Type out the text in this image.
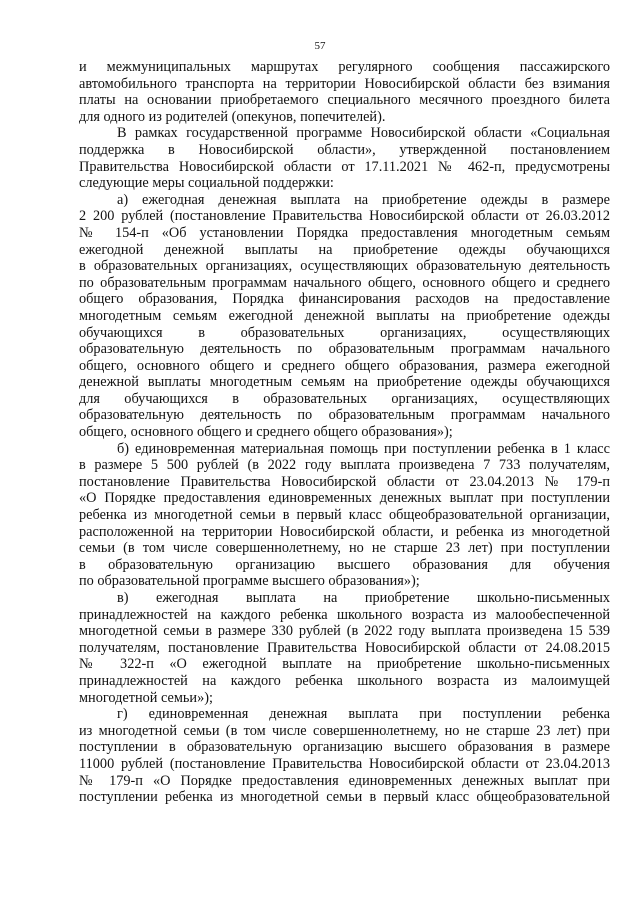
57
и межмуниципальных маршрутах регулярного сообщения пассажирского
автомобильного транспорта на территории Новосибирской области без взимания
платы на основании приобретаемого специального месячного проездного билета
для одного из родителей (опекунов, попечителей).
В рамках государственной программе Новосибирской области «Социальная
поддержка в Новосибирской области», утвержденной постановлением
Правительства Новосибирской области от 17.11.2021 № 462-п, предусмотрены
следующие меры социальной поддержки:
а) ежегодная денежная выплата на приобретение одежды в размере
2 200 рублей (постановление Правительства Новосибирской области от 26.03.2012
№ 154-п «Об установлении Порядка предоставления многодетным семьям
ежегодной денежной выплаты на приобретение одежды обучающихся
в образовательных организациях, осуществляющих образовательную деятельность
по образовательным программам начального общего, основного общего и среднего
общего образования, Порядка финансирования расходов на предоставление
многодетным семьям ежегодной денежной выплаты на приобретение одежды
обучающихся в образовательных организациях, осуществляющих
образовательную деятельность по образовательным программам начального
общего, основного общего и среднего общего образования, размера ежегодной
денежной выплаты многодетным семьям на приобретение одежды обучающихся
для обучающихся в образовательных организациях, осуществляющих
образовательную деятельность по образовательным программам начального
общего, основного общего и среднего общего образования»);
б) единовременная материальная помощь при поступлении ребенка в 1 класс
в размере 5 500 рублей (в 2022 году выплата произведена 7 733 получателям,
постановление Правительства Новосибирской области от 23.04.2013 № 179-п
«О Порядке предоставления единовременных денежных выплат при поступлении
ребенка из многодетной семьи в первый класс общеобразовательной организации,
расположенной на территории Новосибирской области, и ребенка из многодетной
семьи (в том числе совершеннолетнему, но не старше 23 лет) при поступлении
в образовательную организацию высшего образования для обучения
по образовательной программе высшего образования»);
в) ежегодная выплата на приобретение школьно-письменных
принадлежностей на каждого ребенка школьного возраста из малообеспеченной
многодетной семьи в размере 330 рублей (в 2022 году выплата произведена 15 539
получателям, постановление Правительства Новосибирской области от 24.08.2015
№ 322-п «О ежегодной выплате на приобретение школьно-письменных
принадлежностей на каждого ребенка школьного возраста из малоимущей
многодетной семьи»);
г) единовременная денежная выплата при поступлении ребенка
из многодетной семьи (в том числе совершеннолетнему, но не старше 23 лет) при
поступлении в образовательную организацию высшего образования в размере
11000 рублей (постановление Правительства Новосибирской области от 23.04.2013
№ 179-п «О Порядке предоставления единовременных денежных выплат при
поступлении ребенка из многодетной семьи в первый класс общеобразовательной
